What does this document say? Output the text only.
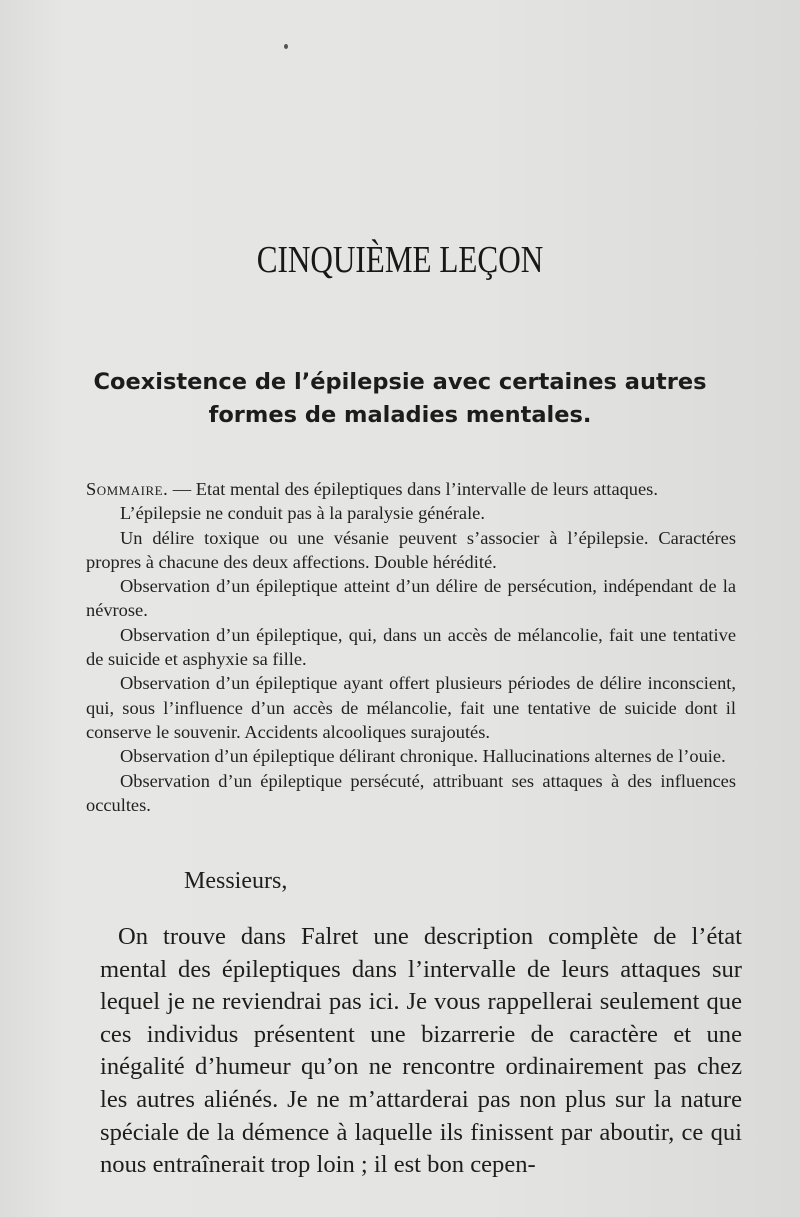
CINQUIÈME LEÇON
Coexistence de l’épilepsie avec certaines autres formes de maladies mentales.

Sommaire. — Etat mental des épileptiques dans l’intervalle de leurs attaques.

L’épilepsie ne conduit pas à la paralysie générale.

Un délire toxique ou une vésanie peuvent s’associer à l’épilepsie. Caractéres propres à chacune des deux affections. Double hérédité.

Observation d’un épileptique atteint d’un délire de persécution, indépendant de la névrose.

Observation d’un épileptique, qui, dans un accès de mélancolie, fait une tentative de suicide et asphyxie sa fille.

Observation d’un épileptique ayant offert plusieurs périodes de délire inconscient, qui, sous l’influence d’un accès de mélancolie, fait une tentative de suicide dont il conserve le souvenir. Accidents alcooliques surajoutés.

Observation d’un épileptique délirant chronique. Hallucinations alternes de l’ouie.

Observation d’un épileptique persécuté, attribuant ses attaques à des influences occultes.

Messieurs,

On trouve dans Falret une description complète de l’état mental des épileptiques dans l’intervalle de leurs attaques sur lequel je ne reviendrai pas ici. Je vous rappellerai seulement que ces individus présentent une bizarrerie de caractère et une inégalité d’humeur qu’on ne rencontre ordinairement pas chez les autres aliénés. Je ne m’attarderai pas non plus sur la nature spéciale de la démence à laquelle ils finissent par aboutir, ce qui nous entraînerait trop loin ; il est bon cepen-
